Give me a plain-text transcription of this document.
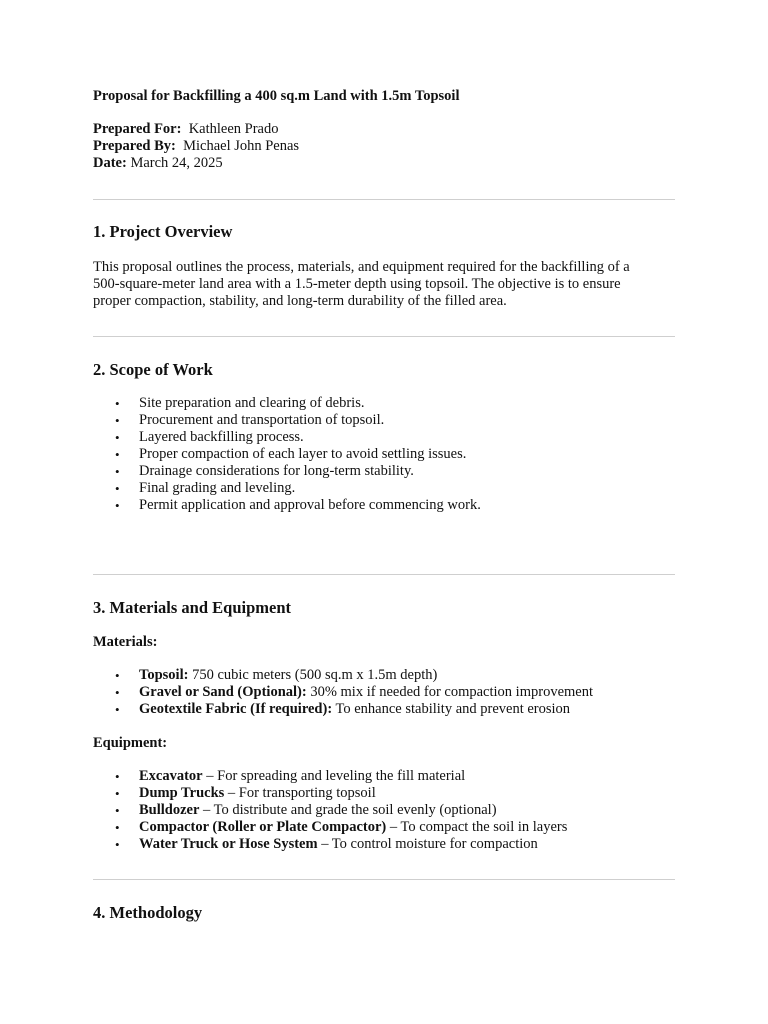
Proposal for Backfilling a 400 sq.m Land with 1.5m Topsoil
Prepared For: Kathleen Prado
Prepared By: Michael John Penas
Date: March 24, 2025
1. Project Overview
This proposal outlines the process, materials, and equipment required for the backfilling of a
500-square-meter land area with a 1.5-meter depth using topsoil. The objective is to ensure
proper compaction, stability, and long-term durability of the filled area.
2. Scope of Work
• Site preparation and clearing of debris.
• Procurement and transportation of topsoil.
• Layered backfilling process.
• Proper compaction of each layer to avoid settling issues.
• Drainage considerations for long-term stability.
• Final grading and leveling.
• Permit application and approval before commencing work.
3. Materials and Equipment
Materials:
• Topsoil: 750 cubic meters (500 sq.m x 1.5m depth)
• Gravel or Sand (Optional): 30% mix if needed for compaction improvement
• Geotextile Fabric (If required): To enhance stability and prevent erosion
Equipment:
• Excavator – For spreading and leveling the fill material
• Dump Trucks – For transporting topsoil
• Bulldozer – To distribute and grade the soil evenly (optional)
• Compactor (Roller or Plate Compactor) – To compact the soil in layers
• Water Truck or Hose System – To control moisture for compaction
4. Methodology
